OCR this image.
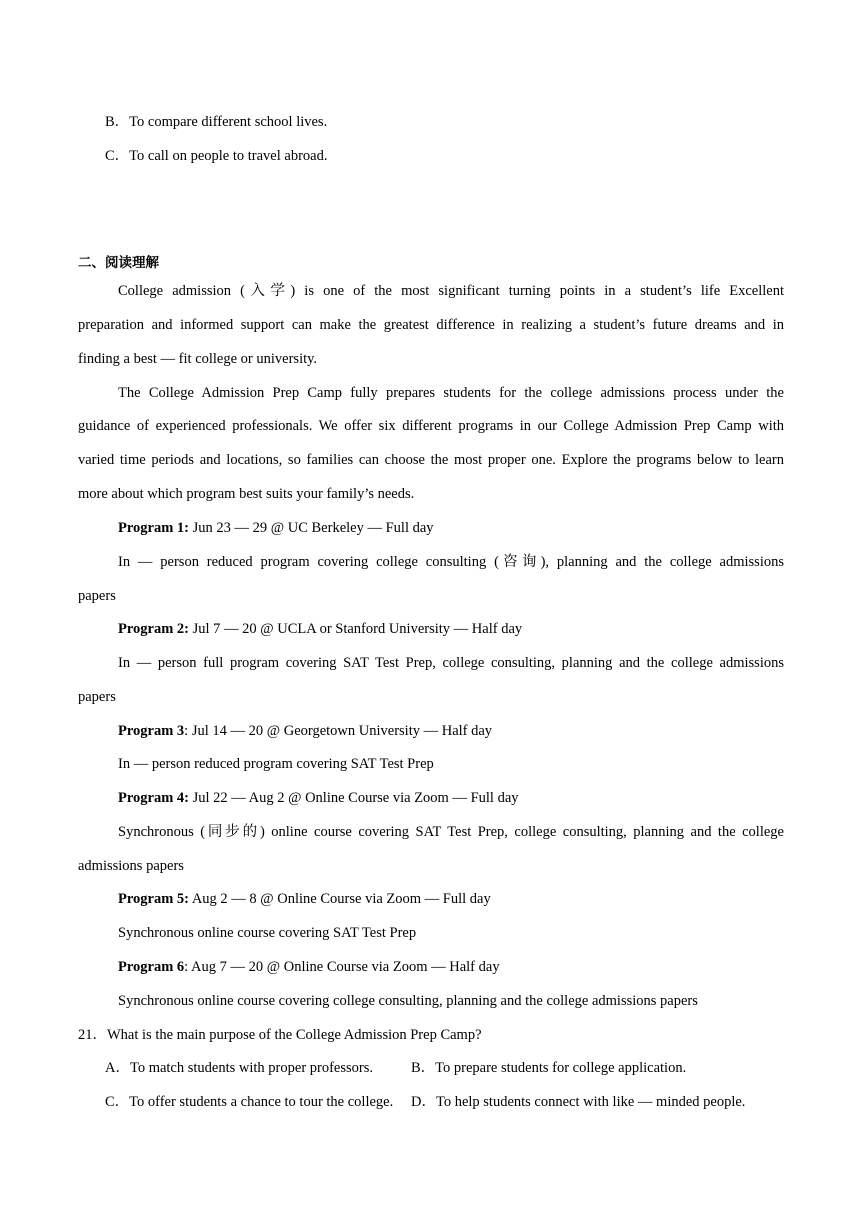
B．To compare different school lives.
C．To call on people to travel abroad.
二、阅读理解
College admission (入学) is one of the most significant turning points in a student’s life Excellent
preparation and informed support can make the greatest difference in realizing a student’s future dreams and in
finding a best — fit college or university.
The College Admission Prep Camp fully prepares students for the college admissions process under the
guidance of experienced professionals. We offer six different programs in our College Admission Prep Camp with
varied time periods and locations, so families can choose the most proper one. Explore the programs below to learn
more about which program best suits your family’s needs.
Program 1: Jun 23 — 29 @ UC Berkeley — Full day
In — person reduced program covering college consulting (咨询), planning and the college admissions
papers
Program 2: Jul 7 — 20 @ UCLA or Stanford University — Half day
In — person full program covering SAT Test Prep, college consulting, planning and the college admissions
papers
Program 3: Jul 14 — 20 @ Georgetown University — Half day
In — person reduced program covering SAT Test Prep
Program 4: Jul 22 — Aug 2 @ Online Course via Zoom — Full day
Synchronous (同步的) online course covering SAT Test Prep, college consulting, planning and the college
admissions papers
Program 5: Aug 2 — 8 @ Online Course via Zoom — Full day
Synchronous online course covering SAT Test Prep
Program 6: Aug 7 — 20 @ Online Course via Zoom — Half day
Synchronous online course covering college consulting, planning and the college admissions papers
21．What is the main purpose of the College Admission Prep Camp?
A．To match students with proper professors.	B．To prepare students for college application.
C．To offer students a chance to tour the college. D．To help students connect with like — minded people.
